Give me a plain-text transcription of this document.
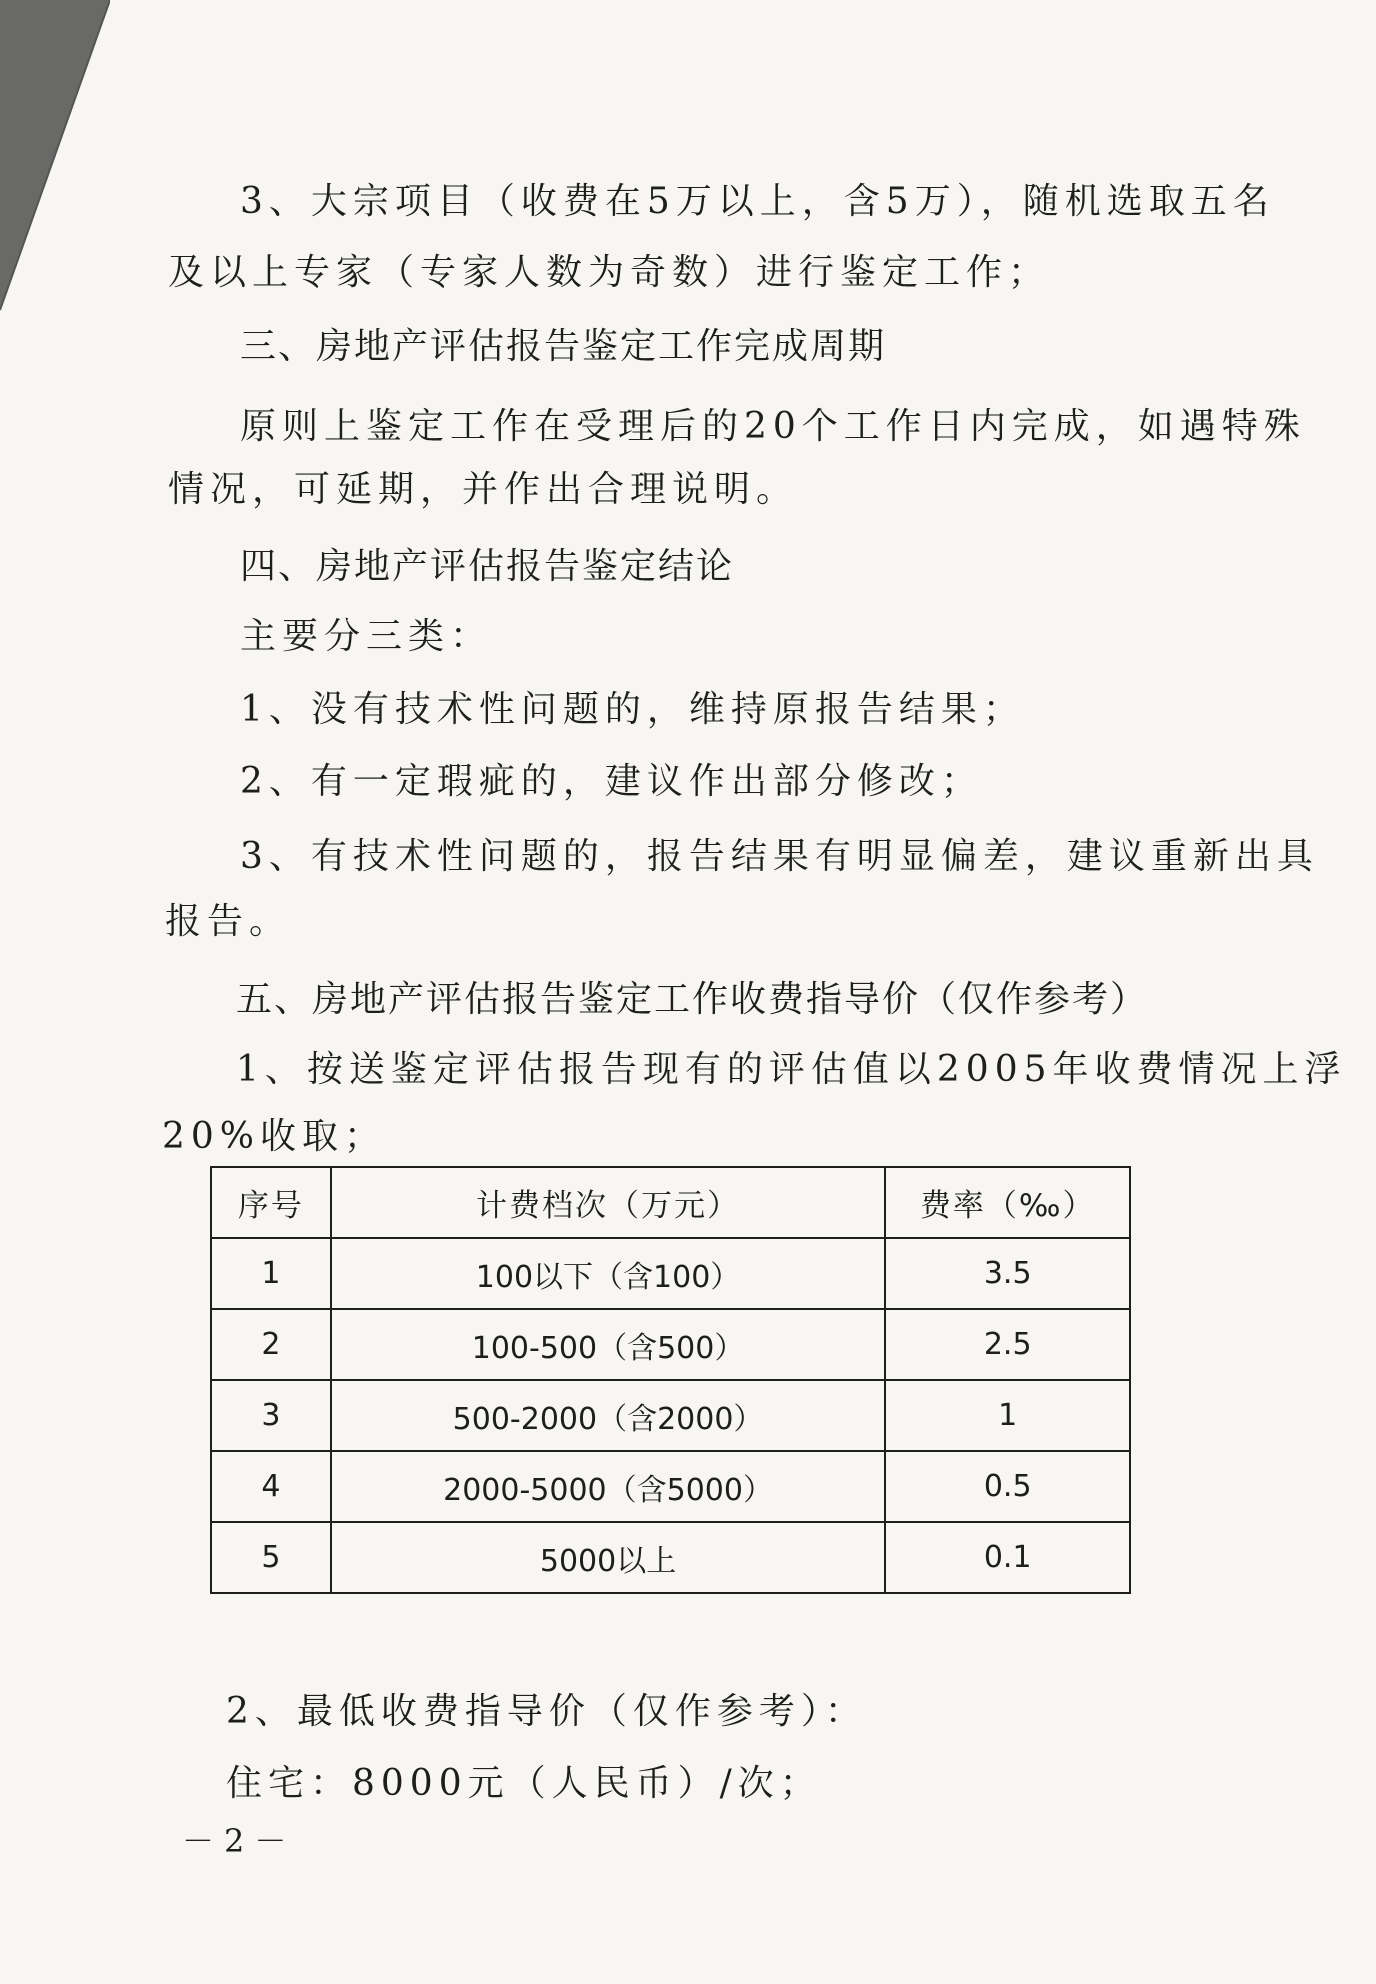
3、大宗项目（收费在5万以上，含5万），随机选取五名
及以上专家（专家人数为奇数）进行鉴定工作；
三、房地产评估报告鉴定工作完成周期
原则上鉴定工作在受理后的20个工作日内完成，如遇特殊
情况，可延期，并作出合理说明。
四、房地产评估报告鉴定结论
主要分三类：
1、没有技术性问题的，维持原报告结果；
2、有一定瑕疵的，建议作出部分修改；
3、有技术性问题的，报告结果有明显偏差，建议重新出具
报告。
五、房地产评估报告鉴定工作收费指导价（仅作参考）
1、按送鉴定评估报告现有的评估值以2005年收费情况上浮
20%收取；
序号	计费档次（万元）	费率（‰）
1	100以下（含100）	3.5
2	100-500（含500）	2.5
3	500-2000（含2000）	1
4	2000-5000（含5000）	0.5
5	5000以上	0.1
2、最低收费指导价（仅作参考）：
住宅：8000元（人民币）/次；
－2－
